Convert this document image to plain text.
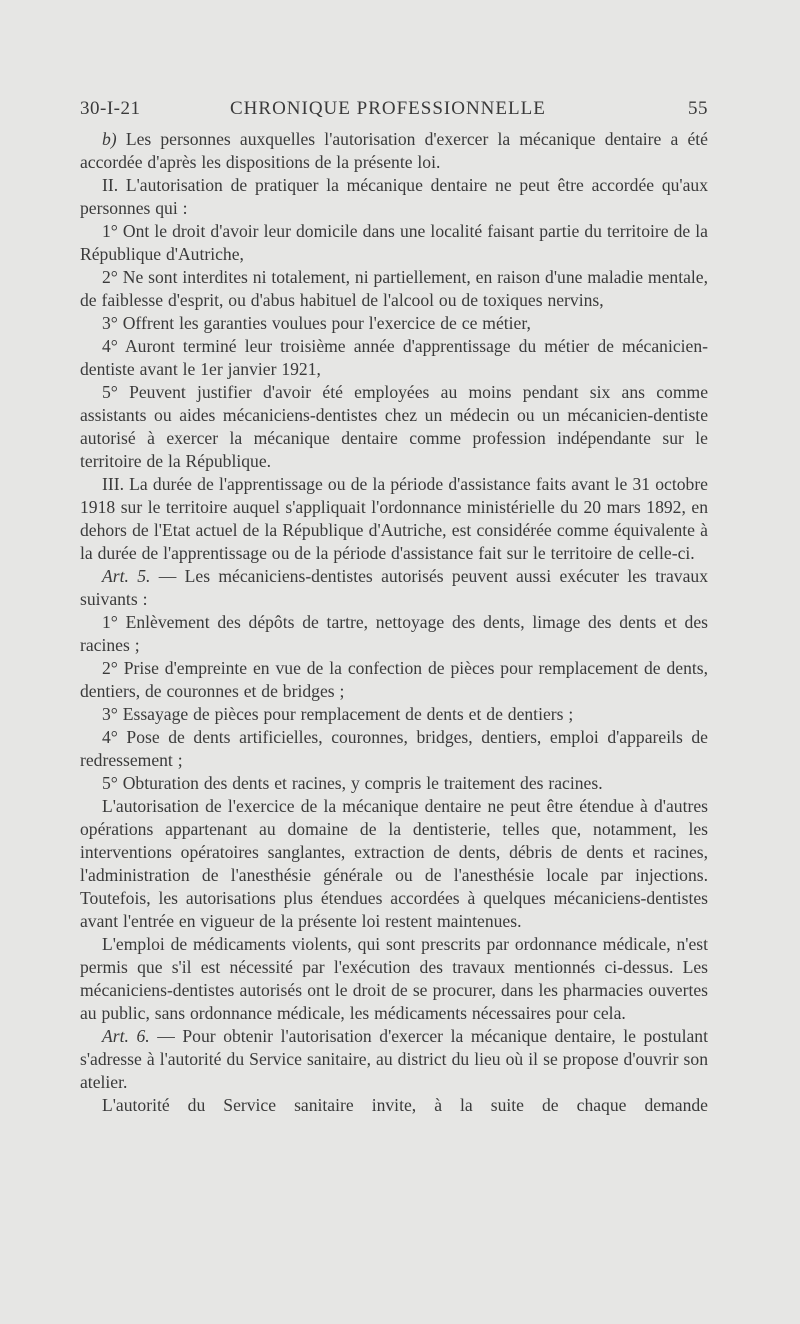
30-I-21	CHRONIQUE PROFESSIONNELLE	55

b) Les personnes auxquelles l'autorisation d'exercer la mécanique dentaire a été accordée d'après les dispositions de la présente loi.

II. L'autorisation de pratiquer la mécanique dentaire ne peut être accordée qu'aux personnes qui :

1° Ont le droit d'avoir leur domicile dans une localité faisant partie du territoire de la République d'Autriche,

2° Ne sont interdites ni totalement, ni partiellement, en raison d'une maladie mentale, de faiblesse d'esprit, ou d'abus habituel de l'alcool ou de toxiques nervins,

3° Offrent les garanties voulues pour l'exercice de ce métier,

4° Auront terminé leur troisième année d'apprentissage du métier de mécanicien-dentiste avant le 1er janvier 1921,

5° Peuvent justifier d'avoir été employées au moins pendant six ans comme assistants ou aides mécaniciens-dentistes chez un médecin ou un mécanicien-dentiste autorisé à exercer la mécanique dentaire comme profession indépendante sur le territoire de la République.

III. La durée de l'apprentissage ou de la période d'assistance faits avant le 31 octobre 1918 sur le territoire auquel s'appliquait l'ordonnance ministérielle du 20 mars 1892, en dehors de l'Etat actuel de la République d'Autriche, est considérée comme équivalente à la durée de l'apprentissage ou de la période d'assistance fait sur le territoire de celle-ci.

Art. 5. — Les mécaniciens-dentistes autorisés peuvent aussi exécuter les travaux suivants :

1° Enlèvement des dépôts de tartre, nettoyage des dents, limage des dents et des racines ;

2° Prise d'empreinte en vue de la confection de pièces pour remplacement de dents, dentiers, de couronnes et de bridges ;

3° Essayage de pièces pour remplacement de dents et de dentiers ;

4° Pose de dents artificielles, couronnes, bridges, dentiers, emploi d'appareils de redressement ;

5° Obturation des dents et racines, y compris le traitement des racines.

L'autorisation de l'exercice de la mécanique dentaire ne peut être étendue à d'autres opérations appartenant au domaine de la dentisterie, telles que, notamment, les interventions opératoires sanglantes, extraction de dents, débris de dents et racines, l'administration de l'anesthésie générale ou de l'anesthésie locale par injections. Toutefois, les autorisations plus étendues accordées à quelques mécaniciens-dentistes avant l'entrée en vigueur de la présente loi restent maintenues.

L'emploi de médicaments violents, qui sont prescrits par ordonnance médicale, n'est permis que s'il est nécessité par l'exécution des travaux mentionnés ci-dessus. Les mécaniciens-dentistes autorisés ont le droit de se procurer, dans les pharmacies ouvertes au public, sans ordonnance médicale, les médicaments nécessaires pour cela.

Art. 6. — Pour obtenir l'autorisation d'exercer la mécanique dentaire, le postulant s'adresse à l'autorité du Service sanitaire, au district du lieu où il se propose d'ouvrir son atelier.

L'autorité du Service sanitaire invite, à la suite de chaque demande
